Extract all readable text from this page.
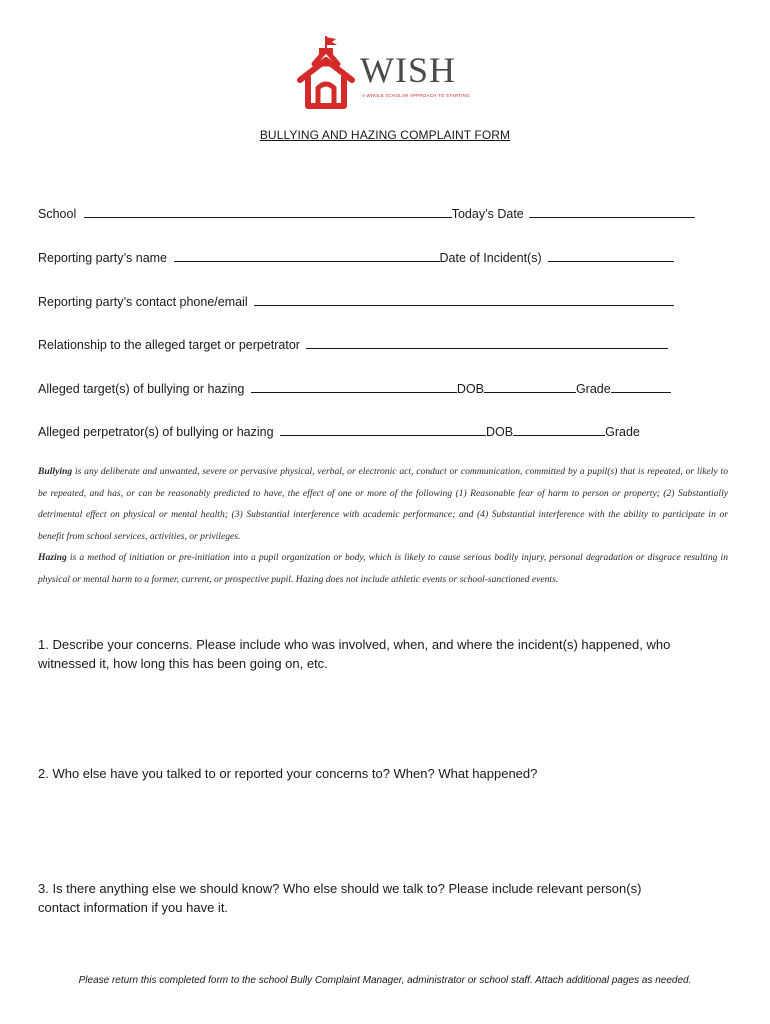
WISH
A WHOLE SCHOLAR APPROACH TO STARTING
BULLYING AND HAZING COMPLAINT FORM
School	Today’s Date
Reporting party’s name	Date of Incident(s)
Reporting party’s contact phone/email
Relationship to the alleged target or perpetrator
Alleged target(s) of bullying or hazing	DOB	Grade
Alleged perpetrator(s) of bullying or hazing	DOB	Grade
Bullying is any deliberate and unwanted, severe or pervasive physical, verbal, or electronic act, conduct or communication, committed by a pupil(s) that is repeated, or likely to be repeated, and has, or can be reasonably predicted to have, the effect of one or more of the following (1) Reasonable fear of harm to person or property; (2) Substantially detrimental effect on physical or mental health; (3) Substantial interference with academic performance; and (4) Substantial interference with the ability to participate in or benefit from school services, activities, or privileges.
Hazing is a method of initiation or pre-initiation into a pupil organization or body, which is likely to cause serious bodily injury, personal degradation or disgrace resulting in physical or mental harm to a former, current, or prospective pupil. Hazing does not include athletic events or school-sanctioned events.
1. Describe your concerns. Please include who was involved, when, and where the incident(s) happened, who witnessed it, how long this has been going on, etc.
2. Who else have you talked to or reported your concerns to? When? What happened?
3. Is there anything else we should know? Who else should we talk to? Please include relevant person(s) contact information if you have it.
Please return this completed form to the school Bully Complaint Manager, administrator or school staff. Attach additional pages as needed.
